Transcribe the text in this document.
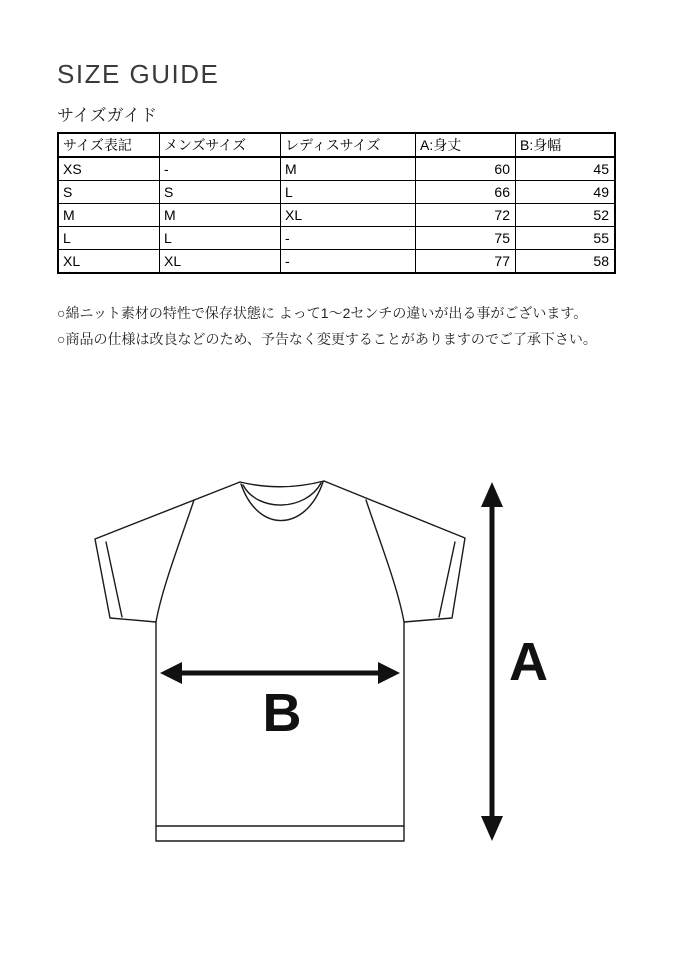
SIZE GUIDE
サイズガイド
サイズ表記	メンズサイズ	レディスサイズ	A:身丈	B:身幅
XS	-	M	60	45
S	S	L	66	49
M	M	XL	72	52
L	L	-	75	55
XL	XL	-	77	58
○綿ニット素材の特性で保存状態に よって1〜2センチの違いが出る事がございます。
○商品の仕様は改良などのため、予告なく変更することがありますのでご了承下さい。
B
A
